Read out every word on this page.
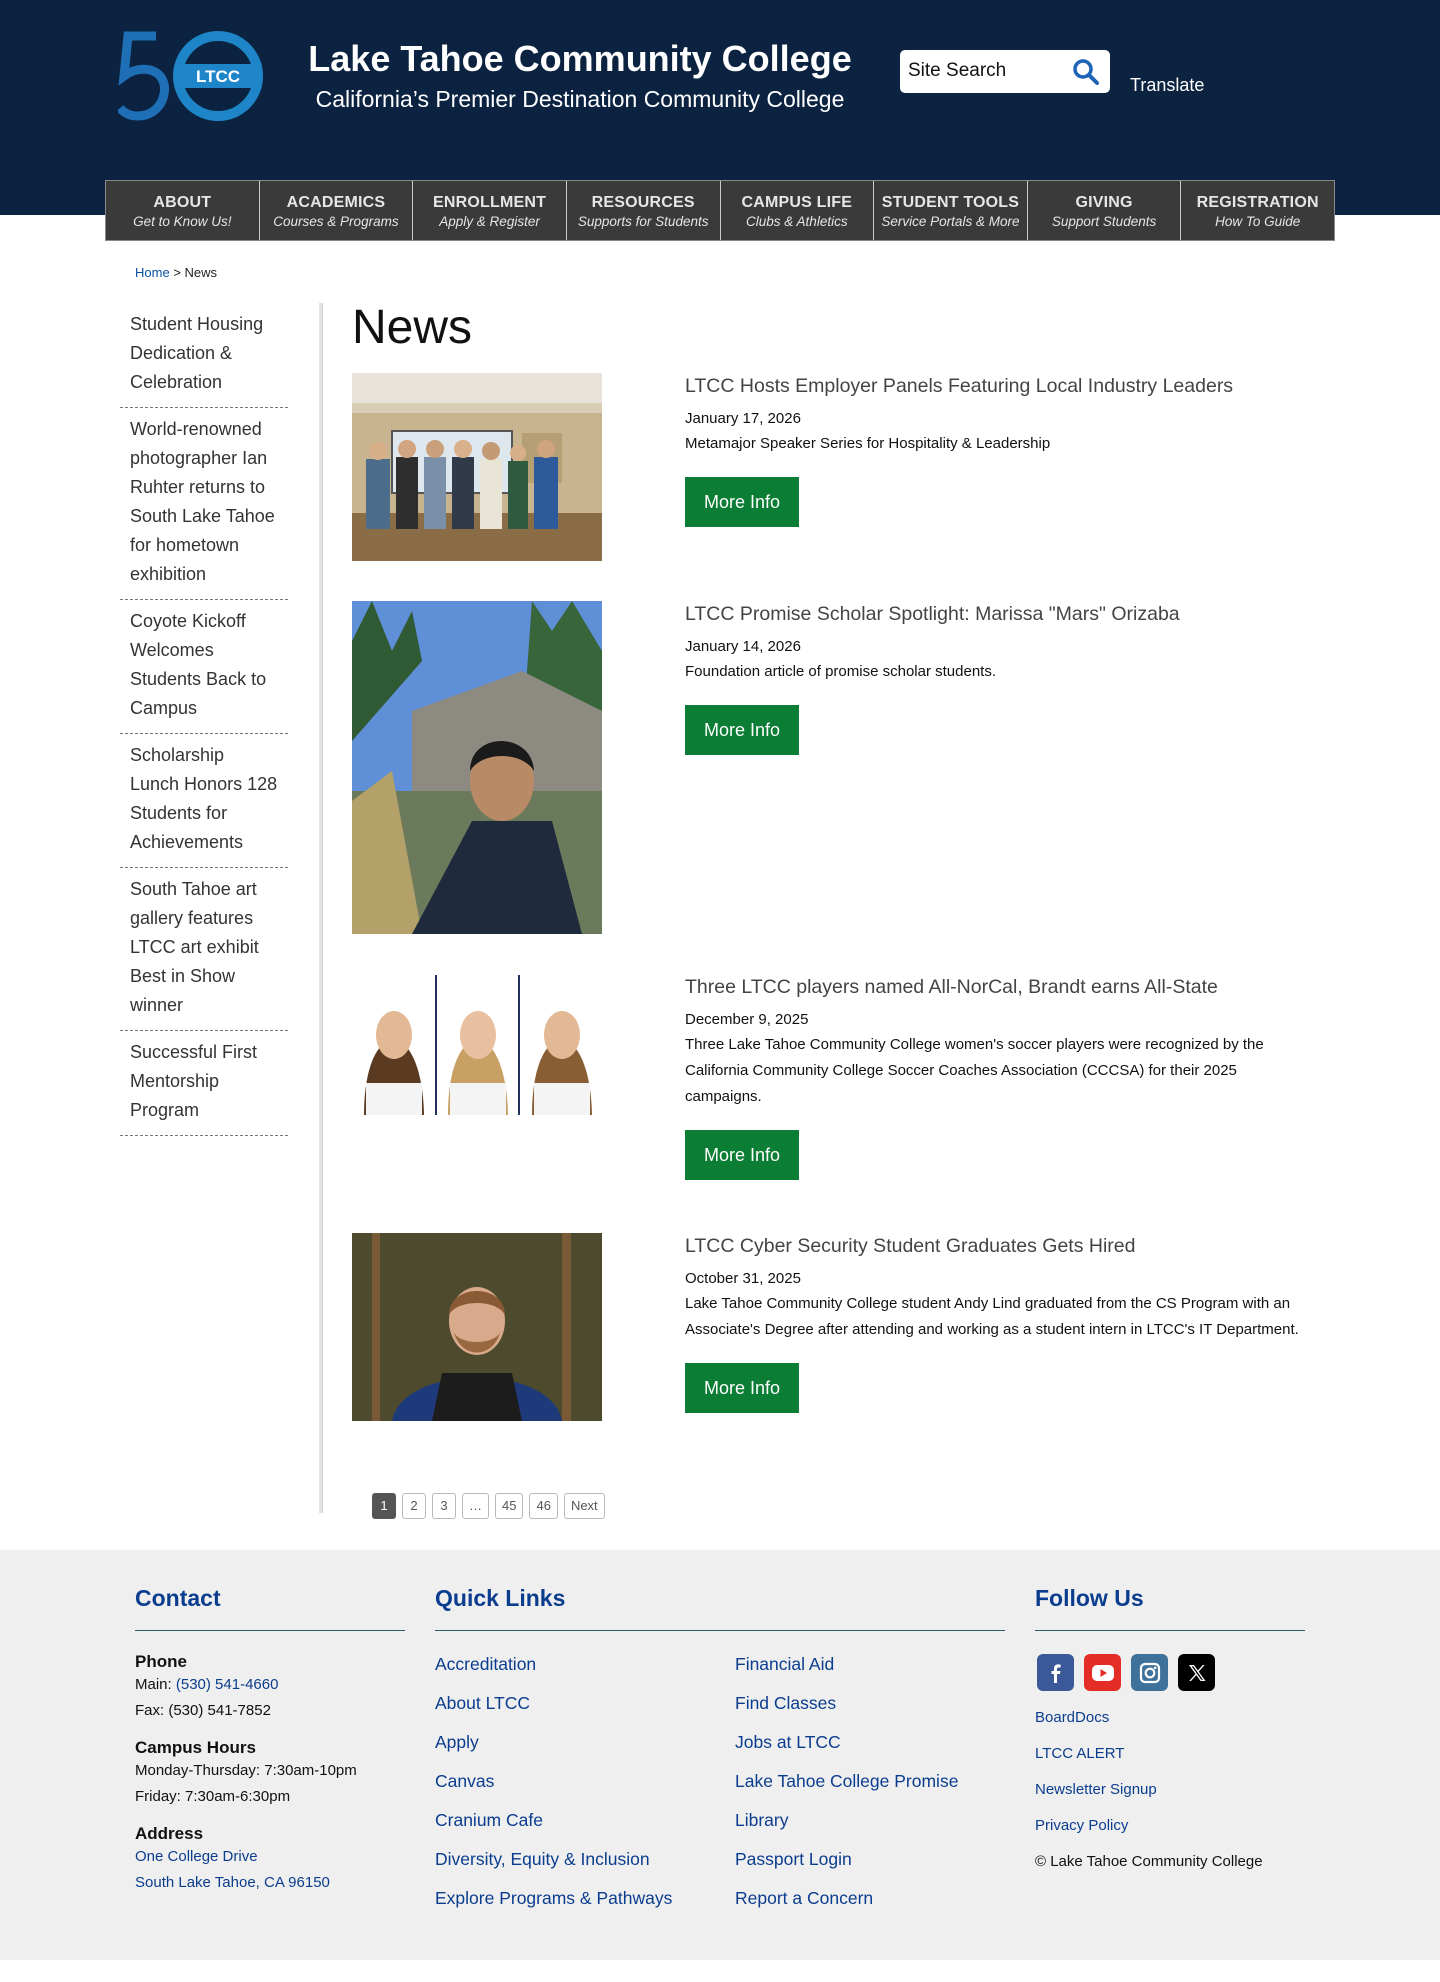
LTCC Lake Tahoe Community College
California’s Premier Destination Community College
Site Search
Translate
ABOUT
Get to Know Us!
ACADEMICS
Courses & Programs
ENROLLMENT
Apply & Register
RESOURCES
Supports for Students
CAMPUS LIFE
Clubs & Athletics
STUDENT TOOLS
Service Portals & More
GIVING
Support Students
REGISTRATION
How To Guide
Home > News
Student Housing Dedication & Celebration
World-renowned photographer Ian Ruhter returns to South Lake Tahoe for hometown exhibition
Coyote Kickoff Welcomes Students Back to Campus
Scholarship Lunch Honors 128 Students for Achievements
South Tahoe art gallery features LTCC art exhibit Best in Show winner
Successful First Mentorship Program
News
LTCC Hosts Employer Panels Featuring Local Industry Leaders
January 17, 2026
Metamajor Speaker Series for Hospitality & Leadership
More Info
LTCC Promise Scholar Spotlight: Marissa "Mars" Orizaba
January 14, 2026
Foundation article of promise scholar students.
More Info
Three LTCC players named All-NorCal, Brandt earns All-State
December 9, 2025
Three Lake Tahoe Community College women's soccer players were recognized by the California Community College Soccer Coaches Association (CCCSA) for their 2025 campaigns.
More Info
LTCC Cyber Security Student Graduates Gets Hired
October 31, 2025
Lake Tahoe Community College student Andy Lind graduated from the CS Program with an Associate's Degree after attending and working as a student intern in LTCC's IT Department.
More Info
1	2	3	…	45	46	Next
Contact
Phone
Main: (530) 541-4660
Fax: (530) 541-7852
Campus Hours
Monday-Thursday: 7:30am-10pm
Friday: 7:30am-6:30pm
Address
One College Drive
South Lake Tahoe, CA 96150
Quick Links
Accreditation
About LTCC
Apply
Canvas
Cranium Cafe
Diversity, Equity & Inclusion
Explore Programs & Pathways
Financial Aid
Find Classes
Jobs at LTCC
Lake Tahoe College Promise
Library
Passport Login
Report a Concern
Follow Us
BoardDocs
LTCC ALERT
Newsletter Signup
Privacy Policy
© Lake Tahoe Community College
